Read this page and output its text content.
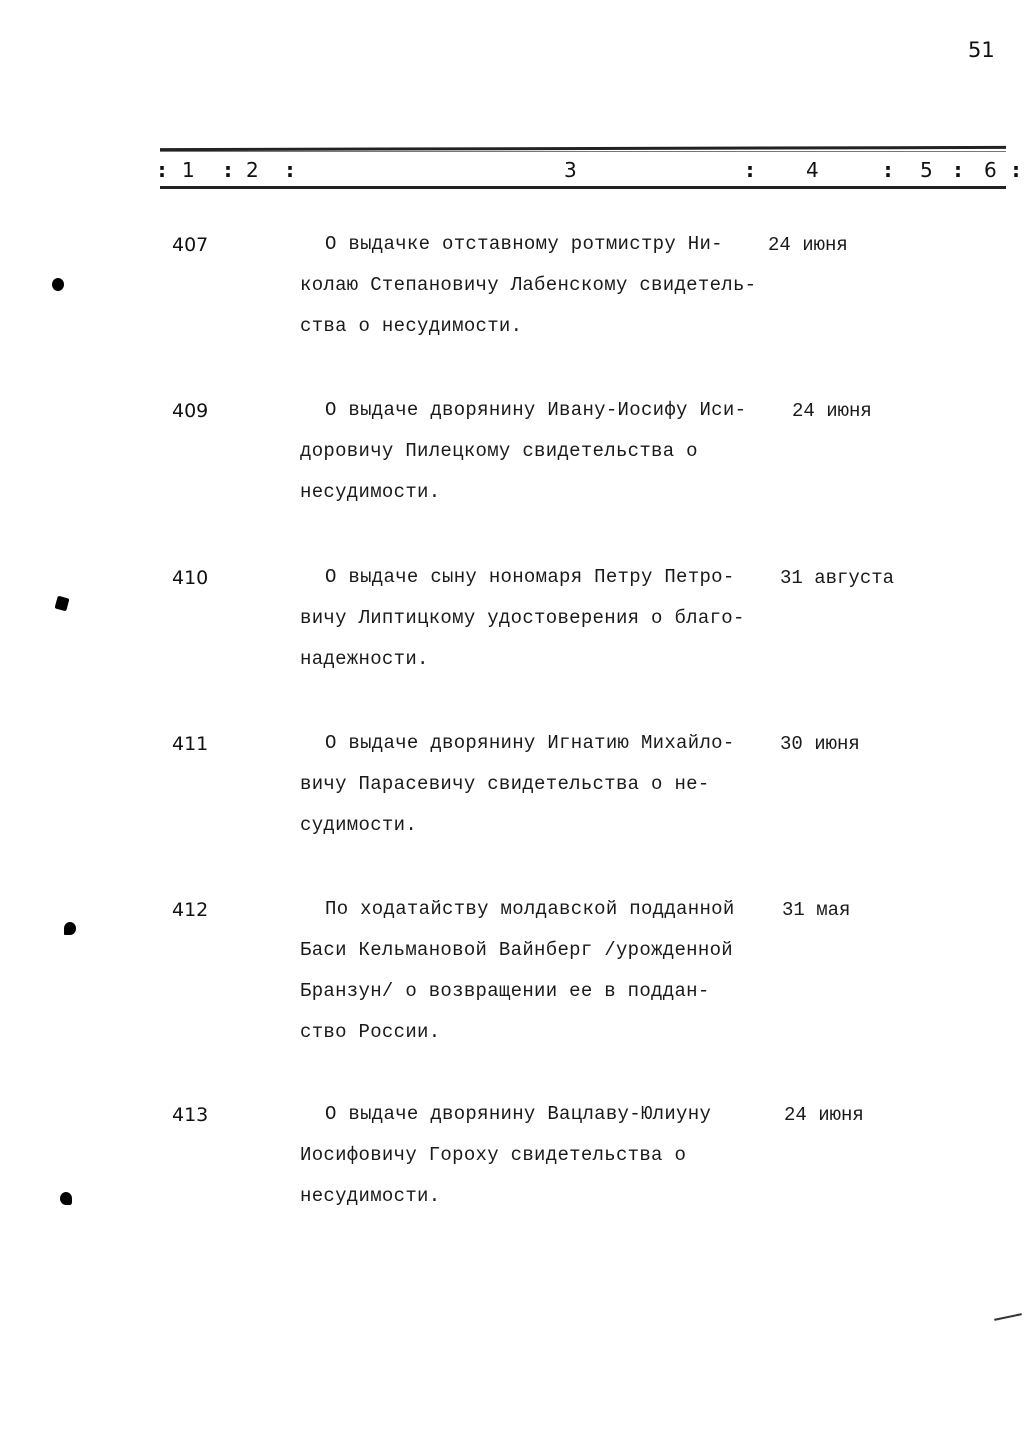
51
: 1 : 2 :	3	:	4	: 5 : 6 :
407	О выдачке отставному ротмистру Ни-
колаю Степановичу Лабенскому свидетель-
ства о несудимости.
24 июня
409	О выдаче дворянину Ивану-Иосифу Иси-
доровичу Пилецкому свидетельства о
несудимости.
24 июня
410	О выдаче сыну нономаря Петру Петро-
вичу Липтицкому удостоверения о благо-
надежности.
31 августа
411	О выдаче дворянину Игнатию Михайло-
вичу Парасевичу свидетельства о не-
судимости.
30 июня
412	По ходатайству молдавской подданной
Баси Кельмановой Вайнберг /урожденной
Бранзун/ о возвращении ее в поддан-
ство России.
31 мая
413	О выдаче дворянину Вацлаву-Юлиуну
Иосифовичу Гороху свидетельства о
несудимости.
24 июня
